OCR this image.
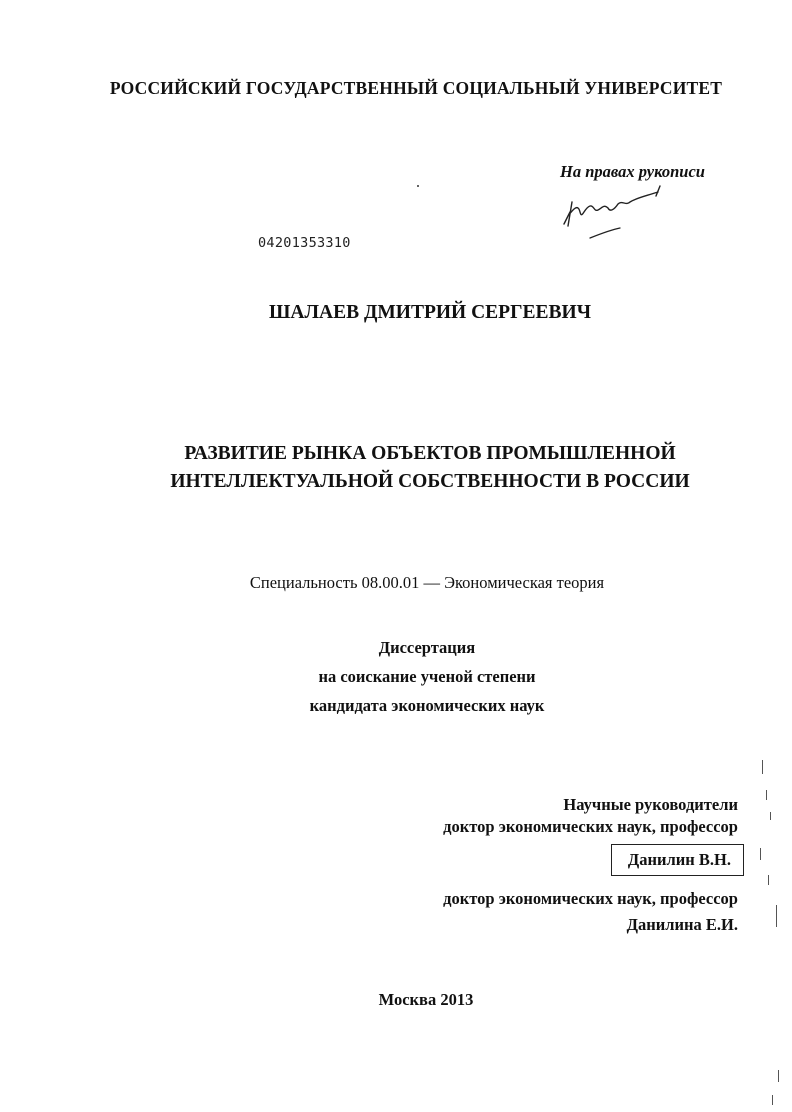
РОССИЙСКИЙ ГОСУДАРСТВЕННЫЙ СОЦИАЛЬНЫЙ УНИВЕРСИТЕТ
На правах рукописи
04201353310
ШАЛАЕВ ДМИТРИЙ СЕРГЕЕВИЧ
РАЗВИТИЕ РЫНКА ОБЪЕКТОВ ПРОМЫШЛЕННОЙ
ИНТЕЛЛЕКТУАЛЬНОЙ СОБСТВЕННОСТИ В РОССИИ
Специальность 08.00.01 — Экономическая теория
Диссертация
на соискание ученой степени
кандидата экономических наук
Научные руководители
доктор экономических наук, профессор
Данилин В.Н.
доктор экономических наук, профессор
Данилина Е.И.
Москва 2013
